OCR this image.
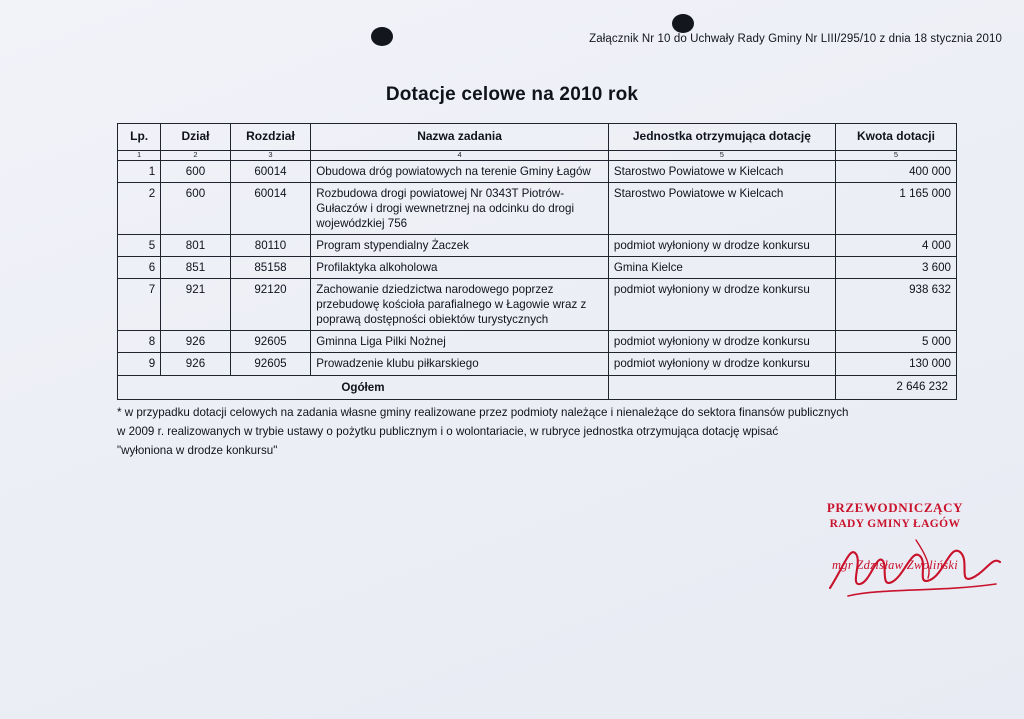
Załącznik Nr 10 do Uchwały Rady Gminy Nr LIII/295/10 z dnia 18 stycznia 2010
Dotacje celowe na 2010 rok
Lp.	Dział	Rozdział	Nazwa zadania	Jednostka otrzymująca dotację	Kwota dotacji
1	2	3	4	5	5
1	600	60014	Obudowa dróg powiatowych na terenie Gminy Łagów	Starostwo Powiatowe w Kielcach	400 000
2	600	60014	Rozbudowa drogi powiatowej Nr 0343T Piotrów-Gułaczów i drogi wewnetrznej na odcinku do drogi wojewódzkiej 756	Starostwo Powiatowe w Kielcach	1 165 000
5	801	80110	Program stypendialny Żaczek	podmiot wyłoniony w drodze konkursu	4 000
6	851	85158	Profilaktyka alkoholowa	Gmina Kielce	3 600
7	921	92120	Zachowanie dziedzictwa narodowego poprzez przebudowę kościoła parafialnego w Łagowie wraz z poprawą dostępności obiektów turystycznych	podmiot wyłoniony w drodze konkursu	938 632
8	926	92605	Gminna Liga Pilki Nożnej	podmiot wyłoniony w drodze konkursu	5 000
9	926	92605	Prowadzenie klubu piłkarskiego	podmiot wyłoniony w drodze konkursu	130 000
Ogółem					2 646 232
* w przypadku dotacji celowych na zadania własne gminy realizowane przez podmioty należące i nienależące do sektora finansów publicznych
w 2009 r. realizowanych w trybie ustawy o pożytku publicznym i o wolontariacie, w rubryce jednostka otrzymująca dotację wpisać
"wyłoniona w drodze konkursu"
PRZEWODNICZĄCY
RADY GMINY ŁAGÓW
mgr Zdzisław Zwoliński
